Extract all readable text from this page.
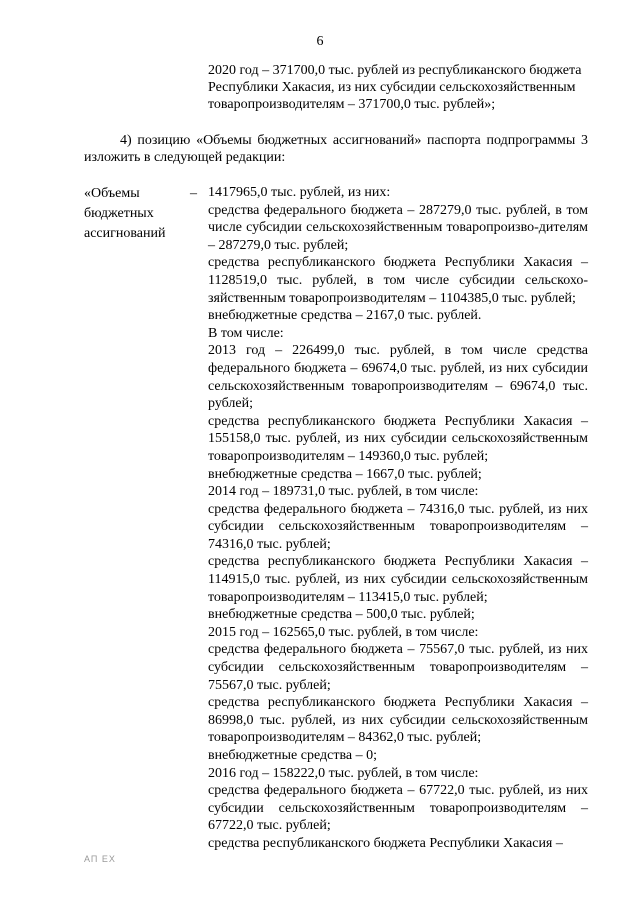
6

2020 год – 371700,0 тыс. рублей из республиканского бюджета

Республики Хакасия, из них субсидии сельскохозяйственным

товаропроизводителям – 371700,0 тыс. рублей»;

4) позицию «Объемы бюджетных ассигнований» паспорта подпрограммы 3 изложить в следующей редакции:

«Объемы
бюджетных
ассигнований
– 1417965,0 тыс. рублей, из них:

средства федерального бюджета – 287279,0 тыс. рублей, в том числе субсидии сельскохозяйственным товаропроизво-дителям – 287279,0 тыс. рублей;

средства республиканского бюджета Республики Хакасия – 1128519,0 тыс. рублей, в том числе субсидии сельскохо-зяйственным товаропроизводителям – 1104385,0 тыс. рублей;

внебюджетные средства – 2167,0 тыс. рублей.

В том числе:

2013 год – 226499,0 тыс. рублей, в том числе средства федерального бюджета – 69674,0 тыс. рублей, из них субсидии сельскохозяйственным товаропроизводителям – 69674,0 тыс. рублей;

средства республиканского бюджета Республики Хакасия – 155158,0 тыс. рублей, из них субсидии сельскохозяйственным товаропроизводителям – 149360,0 тыс. рублей;

внебюджетные средства – 1667,0 тыс. рублей;

2014 год – 189731,0 тыс. рублей, в том числе:

средства федерального бюджета – 74316,0 тыс. рублей, из них субсидии сельскохозяйственным товаропроизводителям – 74316,0 тыс. рублей;

средства республиканского бюджета Республики Хакасия – 114915,0 тыс. рублей, из них субсидии сельскохозяйственным товаропроизводителям – 113415,0 тыс. рублей;

внебюджетные средства – 500,0 тыс. рублей;

2015 год – 162565,0 тыс. рублей, в том числе:

средства федерального бюджета – 75567,0 тыс. рублей, из них субсидии сельскохозяйственным товаропроизводителям – 75567,0 тыс. рублей;

средства республиканского бюджета Республики Хакасия – 86998,0 тыс. рублей, из них субсидии сельскохозяйственным товаропроизводителям – 84362,0 тыс. рублей;

внебюджетные средства – 0;

2016 год – 158222,0 тыс. рублей, в том числе:

средства федерального бюджета – 67722,0 тыс. рублей, из них субсидии сельскохозяйственным товаропроизводителям – 67722,0 тыс. рублей;

средства республиканского бюджета Республики Хакасия –

АП ЕХ
